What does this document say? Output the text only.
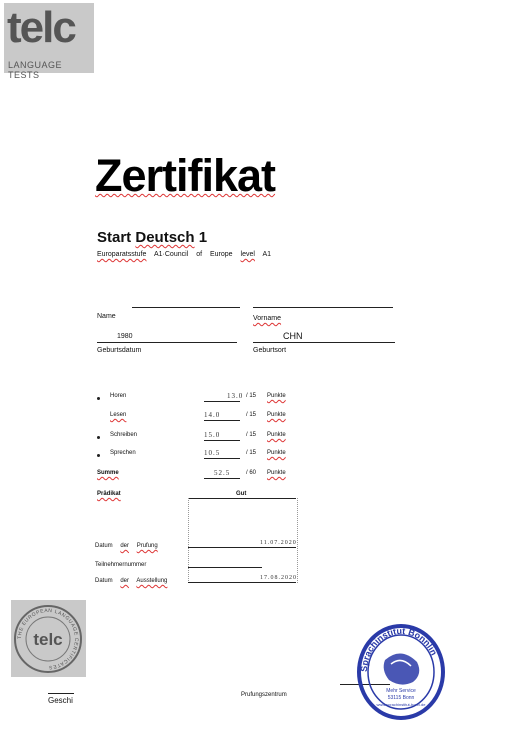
telc
LANGUAGE TESTS
Zertifikat
Start Deutsch 1
Europaratsstufe A1·Council of Europe level A1
Name	Vorname
1980
Geburtsdatum
CHN
Geburtsort
Horen	13.0 / 15 Punkte
Lesen	14.0	/ 15 Punkte
Schreiben	15.0	/ 15 Punkte
Sprechen	10.5	/ 15 Punkte
Summe	52.5	/ 60 Punkte
Prädikat	Gut
Datum der Prufung	11.07.2020
Teilnehmernummer
Datum der Ausstellung	17.08.2020
THE EUROPEAN LANGUAGE CERTIFICATES
telc
Geschi
Prufungszentrum
Sprachinstitut Bonnlin
Mehr Service
53115 Bonn
www.sprachinstitut-bonn.de
